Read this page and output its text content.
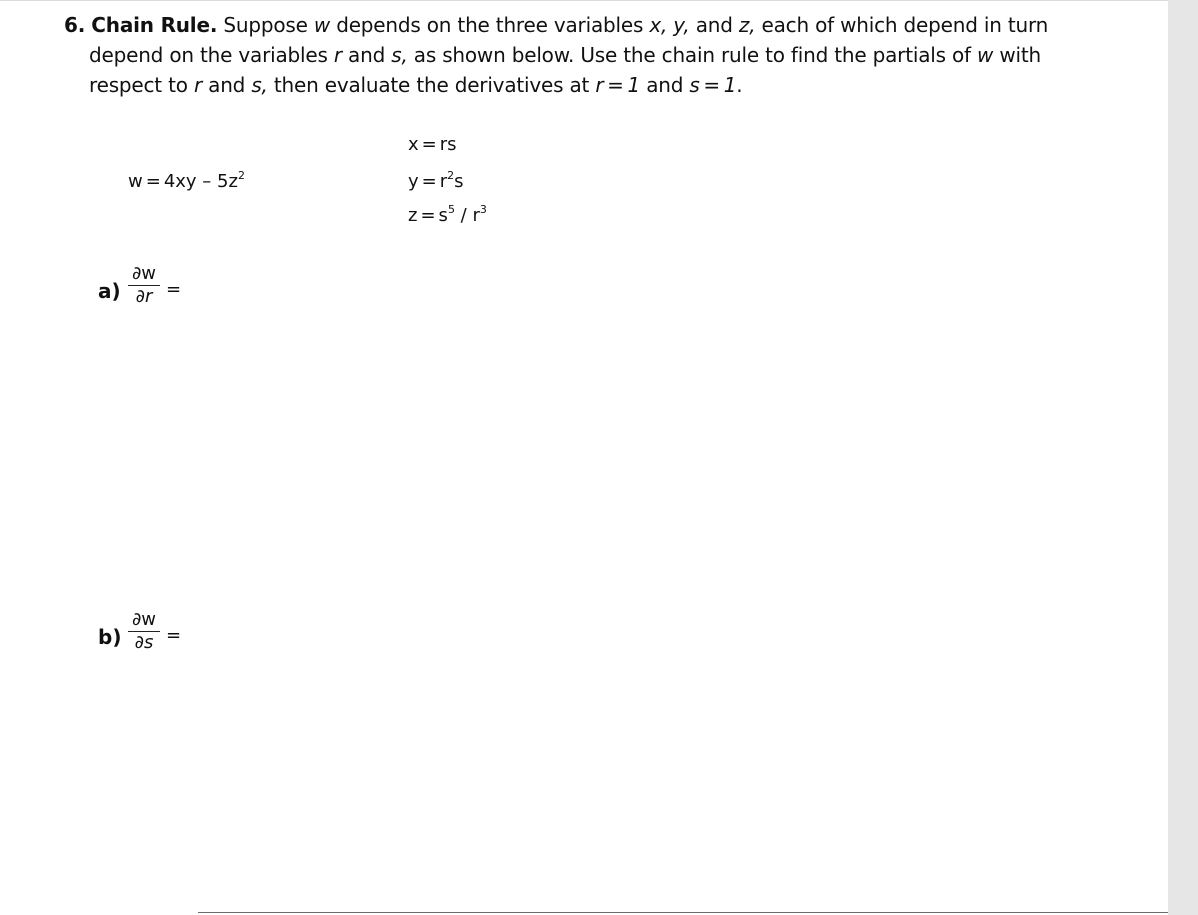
6. Chain Rule. Suppose w depends on the three variables x, y, and z, each of which depend in turn
depend on the variables r and s, as shown below. Use the chain rule to find the partials of w with
respect to r and s, then evaluate the derivatives at r = 1 and s = 1.
$w = 4xy - 5z^2$
x = rs
$y = r^2s$
$z = s^5 / r^3$
a)
∂w
∂r =
b)
∂w
∂s =
